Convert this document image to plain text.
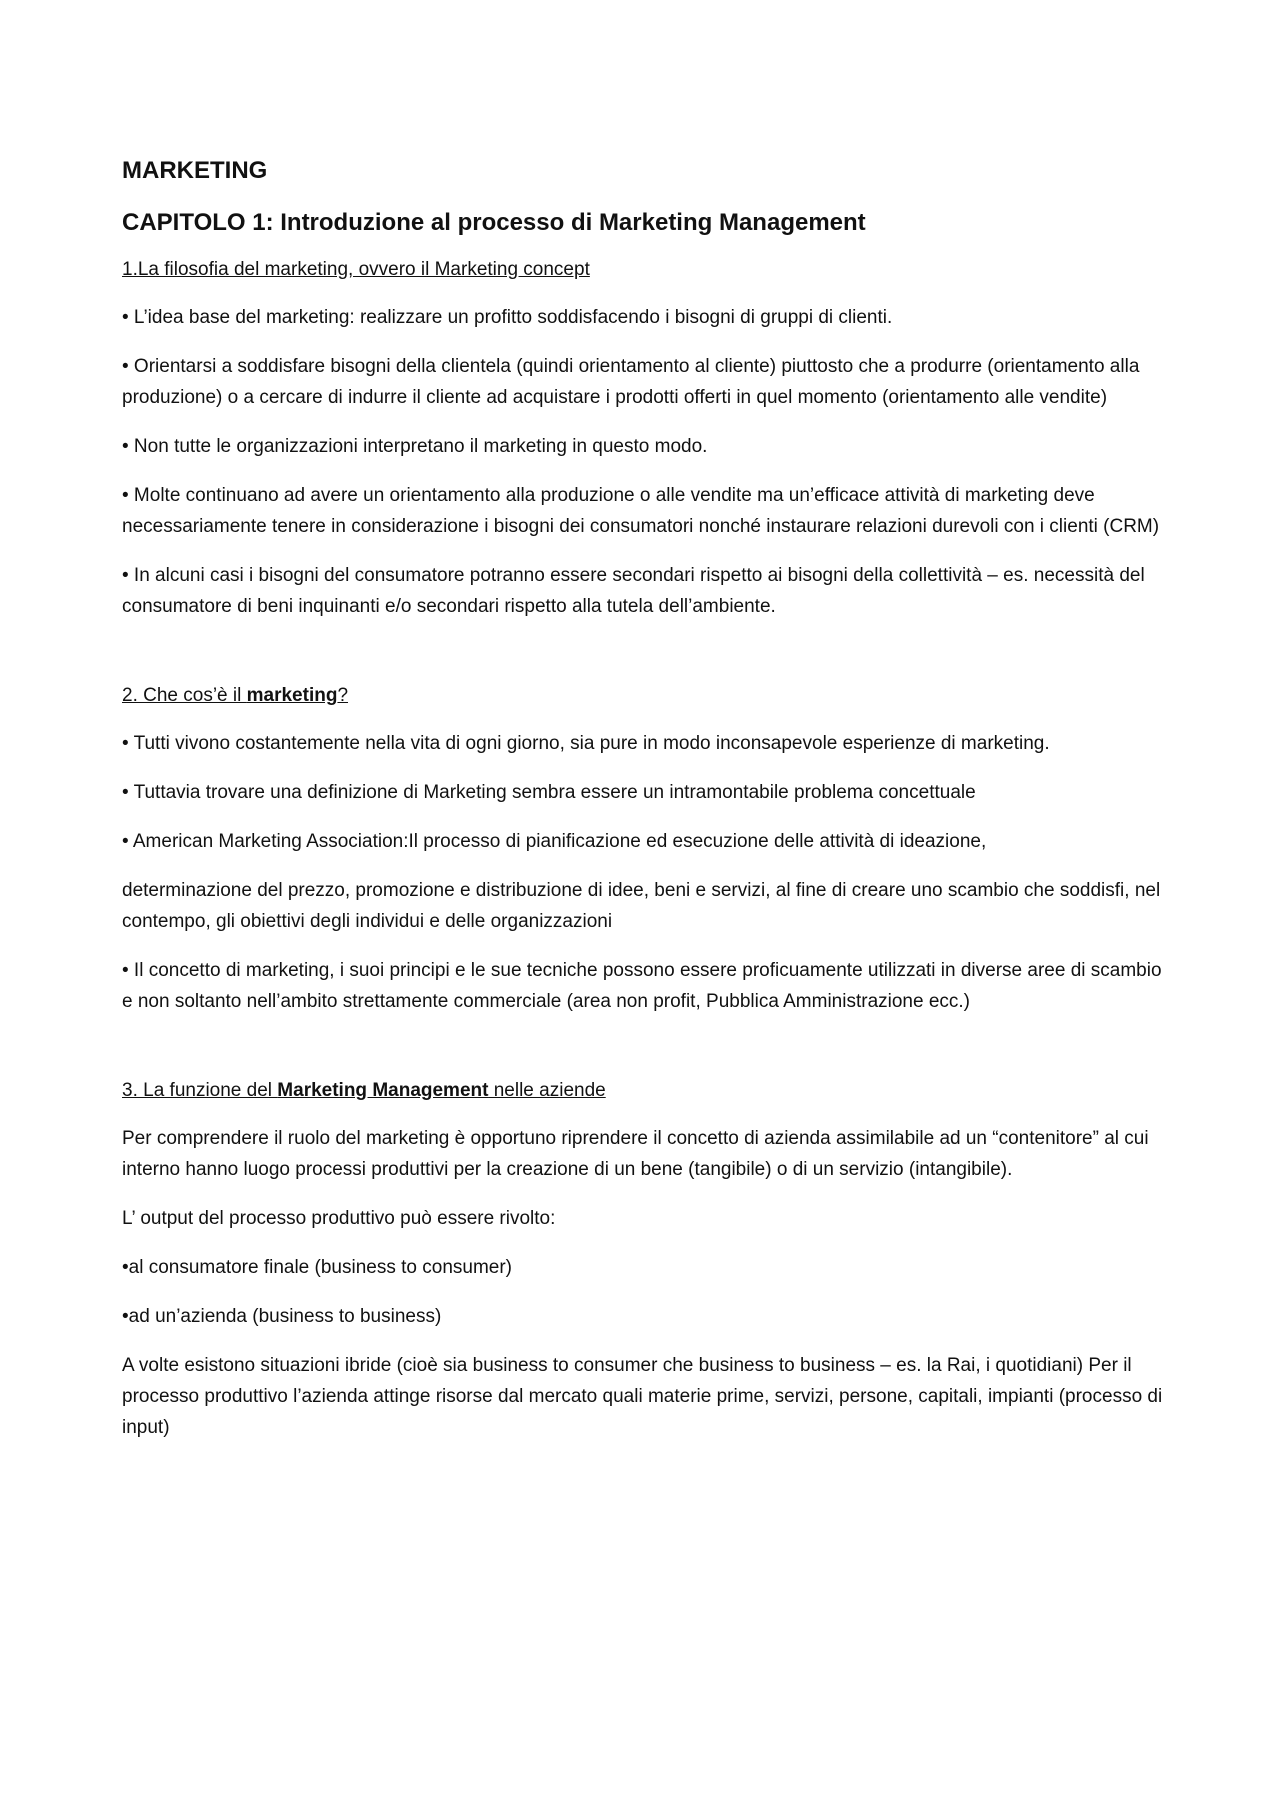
MARKETING
CAPITOLO 1: Introduzione al processo di Marketing Management
1.La filosofia del marketing, ovvero il Marketing concept

• L’idea base del marketing: realizzare un profitto soddisfacendo i bisogni di gruppi di clienti.

• Orientarsi a soddisfare bisogni della clientela (quindi orientamento al cliente) piuttosto che a produrre (orientamento alla produzione) o a cercare di indurre il cliente ad acquistare i prodotti offerti in quel momento (orientamento alle vendite)

• Non tutte le organizzazioni interpretano il marketing in questo modo.

• Molte continuano ad avere un orientamento alla produzione o alle vendite ma un’efficace attività di marketing deve necessariamente tenere in considerazione i bisogni dei consumatori nonché instaurare relazioni durevoli con i clienti (CRM)

• In alcuni casi i bisogni del consumatore potranno essere secondari rispetto ai bisogni della collettività – es. necessità del consumatore di beni inquinanti e/o secondari rispetto alla tutela dell’ambiente.

2. Che cos’è il marketing?

• Tutti vivono costantemente nella vita di ogni giorno, sia pure in modo inconsapevole esperienze di marketing.

• Tuttavia trovare una definizione di Marketing sembra essere un intramontabile problema concettuale

• American Marketing Association:Il processo di pianificazione ed esecuzione delle attività di ideazione,

determinazione del prezzo, promozione e distribuzione di idee, beni e servizi, al fine di creare uno scambio che soddisfi, nel contempo, gli obiettivi degli individui e delle organizzazioni

• Il concetto di marketing, i suoi principi e le sue tecniche possono essere proficuamente utilizzati in diverse aree di scambio e non soltanto nell’ambito strettamente commerciale (area non profit, Pubblica Amministrazione ecc.)

3. La funzione del Marketing Management nelle aziende

Per comprendere il ruolo del marketing è opportuno riprendere il concetto di azienda assimilabile ad un “contenitore” al cui interno hanno luogo processi produttivi per la creazione di un bene (tangibile) o di un servizio (intangibile).

L’ output del processo produttivo può essere rivolto:

•al consumatore finale (business to consumer)

•ad un’azienda (business to business)

A volte esistono situazioni ibride (cioè sia business to consumer che business to business – es. la Rai, i quotidiani) Per il processo produttivo l’azienda attinge risorse dal mercato quali materie prime, servizi, persone, capitali, impianti (processo di input)
